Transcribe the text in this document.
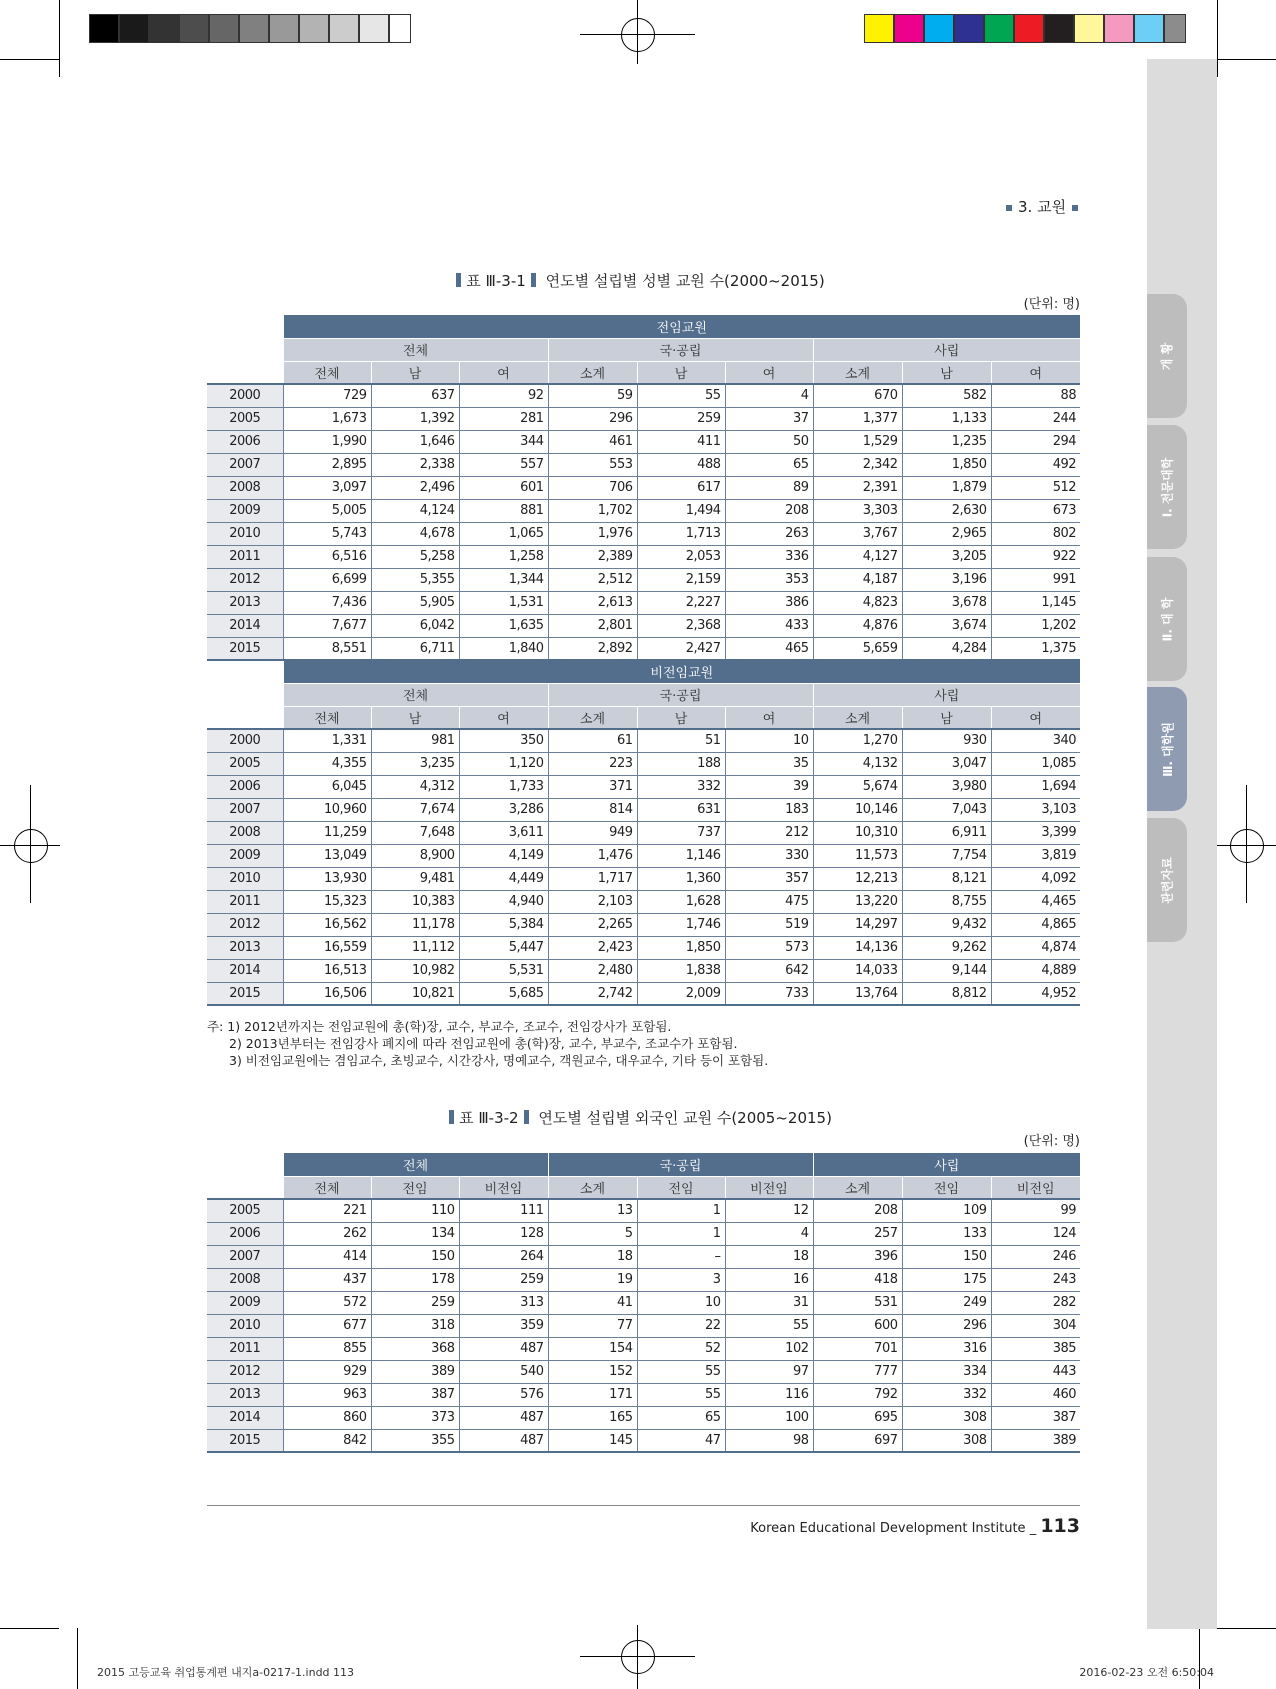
개 황
Ⅰ. 전문대학
Ⅱ. 대 학
Ⅲ. 대학원
관련자료
3. 교원
표 Ⅲ-3-1 연도별 설립별 성별 교원 수(2000~2015)
(단위: 명)
	전임교원								
	전체			국·공립			사립		
	전체	남	여	소계	남	여	소계	남	여
2000	729	637	92	59	55	4	670	582	88
2005	1,673	1,392	281	296	259	37	1,377	1,133	244
2006	1,990	1,646	344	461	411	50	1,529	1,235	294
2007	2,895	2,338	557	553	488	65	2,342	1,850	492
2008	3,097	2,496	601	706	617	89	2,391	1,879	512
2009	5,005	4,124	881	1,702	1,494	208	3,303	2,630	673
2010	5,743	4,678	1,065	1,976	1,713	263	3,767	2,965	802
2011	6,516	5,258	1,258	2,389	2,053	336	4,127	3,205	922
2012	6,699	5,355	1,344	2,512	2,159	353	4,187	3,196	991
2013	7,436	5,905	1,531	2,613	2,227	386	4,823	3,678	1,145
2014	7,677	6,042	1,635	2,801	2,368	433	4,876	3,674	1,202
2015	8,551	6,711	1,840	2,892	2,427	465	5,659	4,284	1,375
	비전임교원								
	전체			국·공립			사립		
	전체	남	여	소계	남	여	소계	남	여
2000	1,331	981	350	61	51	10	1,270	930	340
2005	4,355	3,235	1,120	223	188	35	4,132	3,047	1,085
2006	6,045	4,312	1,733	371	332	39	5,674	3,980	1,694
2007	10,960	7,674	3,286	814	631	183	10,146	7,043	3,103
2008	11,259	7,648	3,611	949	737	212	10,310	6,911	3,399
2009	13,049	8,900	4,149	1,476	1,146	330	11,573	7,754	3,819
2010	13,930	9,481	4,449	1,717	1,360	357	12,213	8,121	4,092
2011	15,323	10,383	4,940	2,103	1,628	475	13,220	8,755	4,465
2012	16,562	11,178	5,384	2,265	1,746	519	14,297	9,432	4,865
2013	16,559	11,112	5,447	2,423	1,850	573	14,136	9,262	4,874
2014	16,513	10,982	5,531	2,480	1,838	642	14,033	9,144	4,889
2015	16,506	10,821	5,685	2,742	2,009	733	13,764	8,812	4,952
주: 1) 2012년까지는 전임교원에 총(학)장, 교수, 부교수, 조교수, 전임강사가 포함됨.
2) 2013년부터는 전임강사 폐지에 따라 전임교원에 총(학)장, 교수, 부교수, 조교수가 포함됨.
3) 비전임교원에는 겸임교수, 초빙교수, 시간강사, 명예교수, 객원교수, 대우교수, 기타 등이 포함됨.
표 Ⅲ-3-2 연도별 설립별 외국인 교원 수(2005~2015)
(단위: 명)
	전체			국·공립			사립		
	전체	전임	비전임	소계	전임	비전임	소계	전임	비전임
2005	221	110	111	13	1	12	208	109	99
2006	262	134	128	5	1	4	257	133	124
2007	414	150	264	18	–	18	396	150	246
2008	437	178	259	19	3	16	418	175	243
2009	572	259	313	41	10	31	531	249	282
2010	677	318	359	77	22	55	600	296	304
2011	855	368	487	154	52	102	701	316	385
2012	929	389	540	152	55	97	777	334	443
2013	963	387	576	171	55	116	792	332	460
2014	860	373	487	165	65	100	695	308	387
2015	842	355	487	145	47	98	697	308	389
Korean Educational Development Institute _ 113
2015 고등교육 취업통계편 내지a-0217-1.indd 113	2016-02-23 오전 6:50:04
